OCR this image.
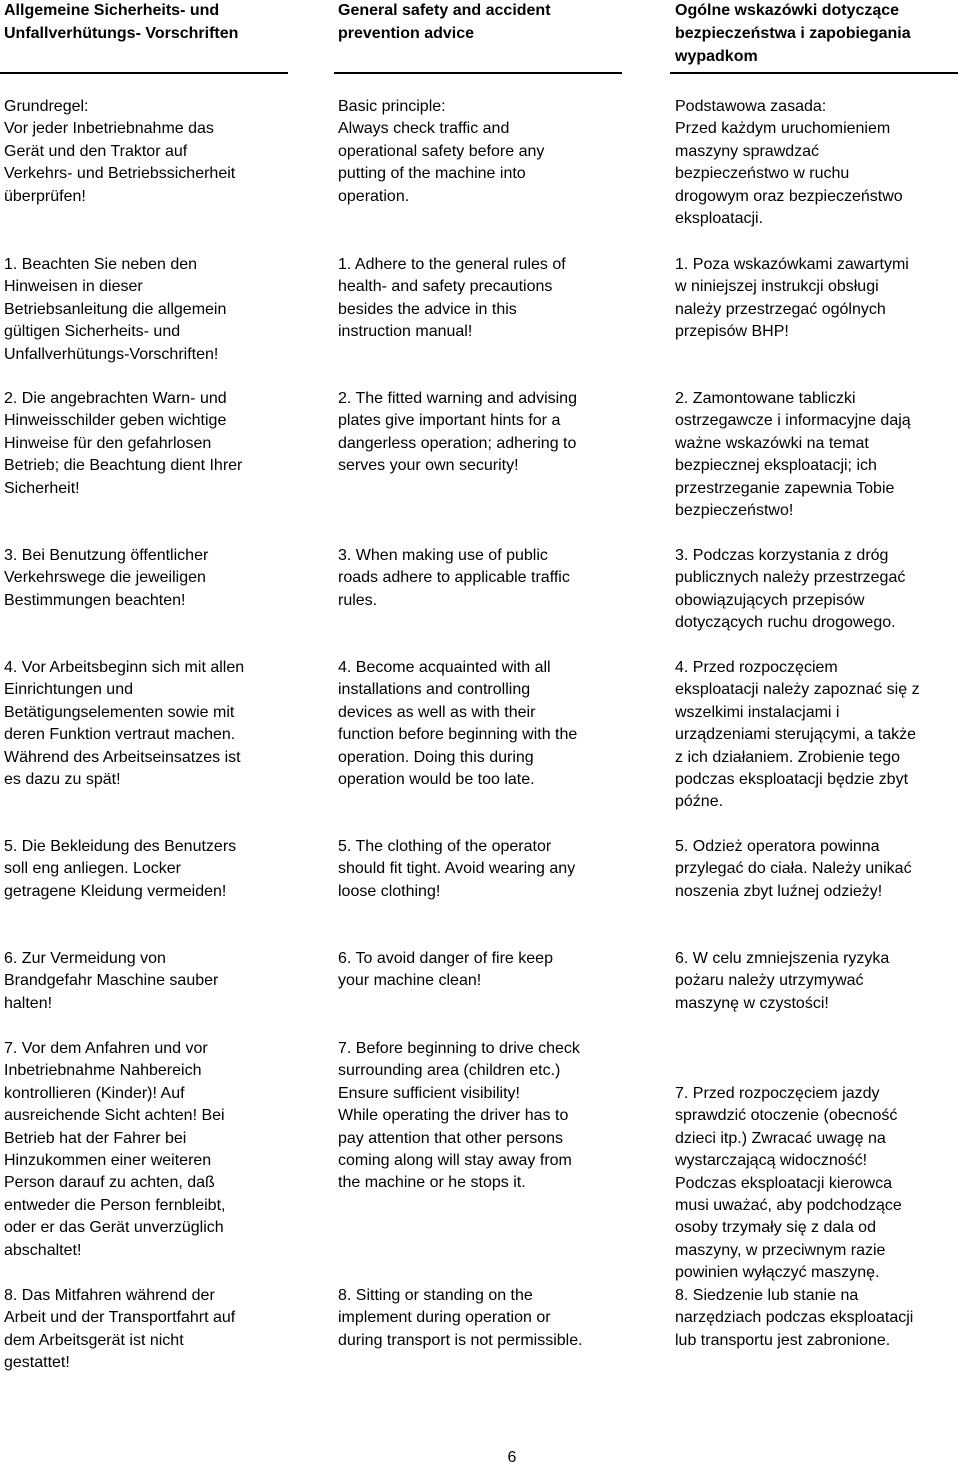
Allgemeine Sicherheits- und
Unfallverhütungs- Vorschriften
General safety and accident
prevention advice
Ogólne wskazówki dotyczące
bezpieczeństwa i zapobiegania
wypadkom
Grundregel:
Vor jeder Inbetriebnahme das
Gerät und den Traktor auf
Verkehrs- und Betriebssicherheit
überprüfen!
Basic principle:
Always check traffic and
operational safety before any
putting of the machine into
operation.
Podstawowa zasada:
Przed każdym uruchomieniem
maszyny sprawdzać
bezpieczeństwo w ruchu
drogowym oraz bezpieczeństwo
eksploatacji.
1. Beachten Sie neben den
Hinweisen in dieser
Betriebsanleitung die allgemein
gültigen Sicherheits- und
Unfallverhütungs-Vorschriften!
1. Adhere to the general rules of
health- and safety precautions
besides the advice in this
instruction manual!
1. Poza wskazówkami zawartymi
w niniejszej instrukcji obsługi
należy przestrzegać ogólnych
przepisów BHP!
2. Die angebrachten Warn- und
Hinweisschilder geben wichtige
Hinweise für den gefahrlosen
Betrieb; die Beachtung dient Ihrer
Sicherheit!
2. The fitted warning and advising
plates give important hints for a
dangerless operation; adhering to
serves your own security!
2. Zamontowane tabliczki
ostrzegawcze i informacyjne dają
ważne wskazówki na temat
bezpiecznej eksploatacji; ich
przestrzeganie zapewnia Tobie
bezpieczeństwo!
3. Bei Benutzung öffentlicher
Verkehrswege die jeweiligen
Bestimmungen beachten!
3. When making use of public
roads adhere to applicable traffic
rules.
3. Podczas korzystania z dróg
publicznych należy przestrzegać
obowiązujących przepisów
dotyczących ruchu drogowego.
4. Vor Arbeitsbeginn sich mit allen
Einrichtungen und
Betätigungselementen sowie mit
deren Funktion vertraut machen.
Während des Arbeitseinsatzes ist
es dazu zu spät!
4. Become acquainted with all
installations and controlling
devices as well as with their
function before beginning with the
operation. Doing this during
operation would be too late.
4. Przed rozpoczęciem
eksploatacji należy zapoznać się z
wszelkimi instalacjami i
urządzeniami sterującymi, a także
z ich działaniem. Zrobienie tego
podczas eksploatacji będzie zbyt
późne.
5. Die Bekleidung des Benutzers
soll eng anliegen. Locker
getragene Kleidung vermeiden!
5. The clothing of the operator
should fit tight. Avoid wearing any
loose clothing!
5. Odzież operatora powinna
przylegać do ciała. Należy unikać
noszenia zbyt luźnej odzieży!
6. Zur Vermeidung von
Brandgefahr Maschine sauber
halten!
6. To avoid danger of fire keep
your machine clean!
6. W celu zmniejszenia ryzyka
pożaru należy utrzymywać
maszynę w czystości!
7. Vor dem Anfahren und vor
Inbetriebnahme Nahbereich
kontrollieren (Kinder)! Auf
ausreichende Sicht achten! Bei
Betrieb hat der Fahrer bei
Hinzukommen einer weiteren
Person darauf zu achten, daß
entweder die Person fernbleibt,
oder er das Gerät unverzüglich
abschaltet!
7. Before beginning to drive check
surrounding area (children etc.)
Ensure sufficient visibility!
While operating the driver has to
pay attention that other persons
coming along will stay away from
the machine or he stops it.
7. Przed rozpoczęciem jazdy
sprawdzić otoczenie (obecność
dzieci itp.) Zwracać uwagę na
wystarczającą widoczność!
Podczas eksploatacji kierowca
musi uważać, aby podchodzące
osoby trzymały się z dala od
maszyny, w przeciwnym razie
powinien wyłączyć maszynę.
8. Das Mitfahren während der
Arbeit und der Transportfahrt auf
dem Arbeitsgerät ist nicht
gestattet!
8. Sitting or standing on the
implement during operation or
during transport is not permissible.
8. Siedzenie lub stanie na
narzędziach podczas eksploatacji
lub transportu jest zabronione.
6
